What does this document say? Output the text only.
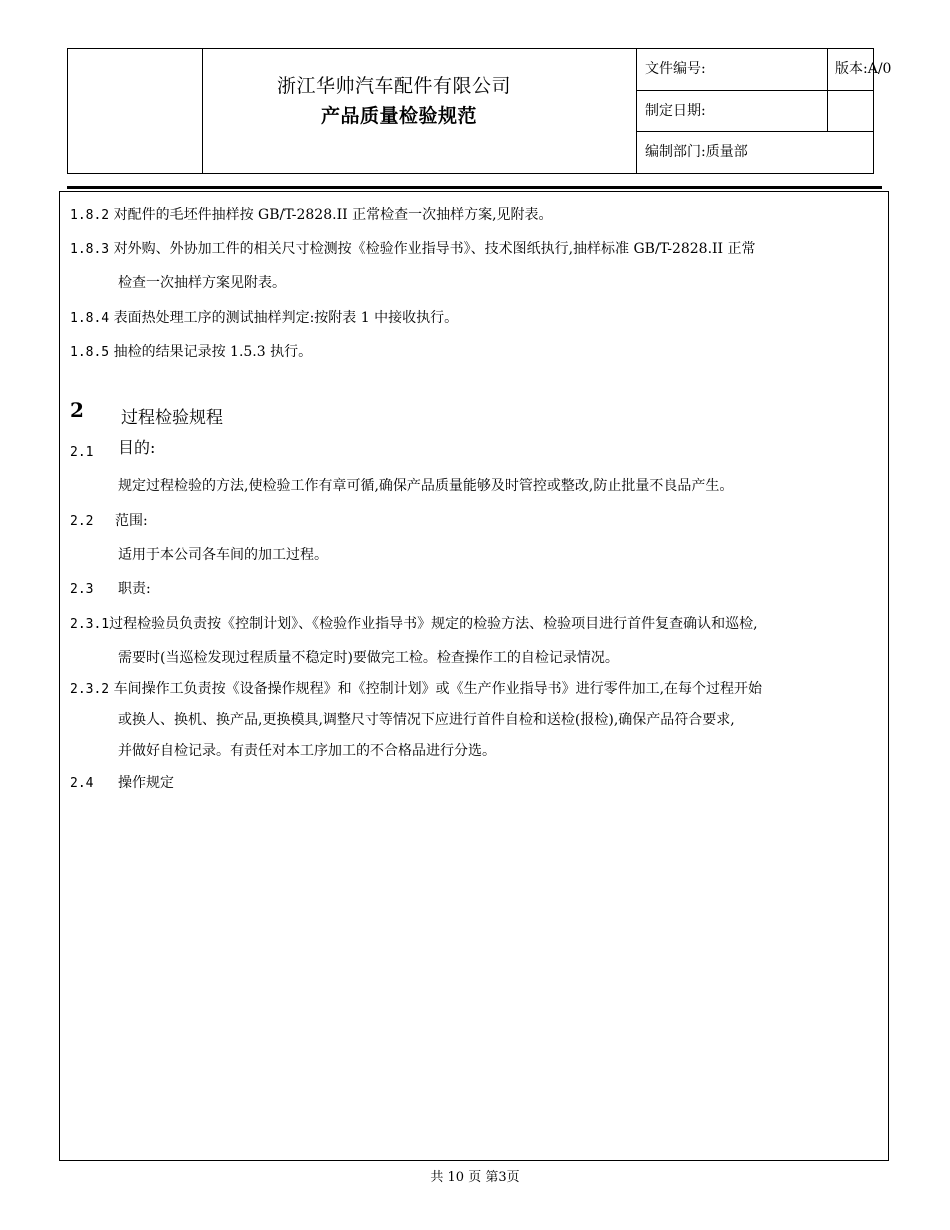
浙江华帅汽车配件有限公司
产品质量检验规范
文件编号:	版本:A/0
制定日期:
编制部门:质量部
1.8.2 对配件的毛坯件抽样按 GB/T-2828.II 正常检查一次抽样方案,见附表。
1.8.3 对外购、外协加工件的相关尺寸检测按《检验作业指导书》、技术图纸执行,抽样标准 GB/T-2828.II 正常
检查一次抽样方案见附表。
1.8.4 表面热处理工序的测试抽样判定:按附表 1 中接收执行。
1.8.5 抽检的结果记录按 1.5.3 执行。
2 过程检验规程
2.1 目的:
规定过程检验的方法,使检验工作有章可循,确保产品质量能够及时管控或整改,防止批量不良品产生。
2.2 范围:
适用于本公司各车间的加工过程。
2.3 职责:
2.3.1过程检验员负责按《控制计划》、《检验作业指导书》规定的检验方法、检验项目进行首件复查确认和巡检,
需要时(当巡检发现过程质量不稳定时)要做完工检。检查操作工的自检记录情况。
2.3.2 车间操作工负责按《设备操作规程》和《控制计划》或《生产作业指导书》进行零件加工,在每个过程开始
或换人、换机、换产品,更换模具,调整尺寸等情况下应进行首件自检和送检(报检),确保产品符合要求,
并做好自检记录。有责任对本工序加工的不合格品进行分选。
2.4 操作规定
共 10 页 第3页
